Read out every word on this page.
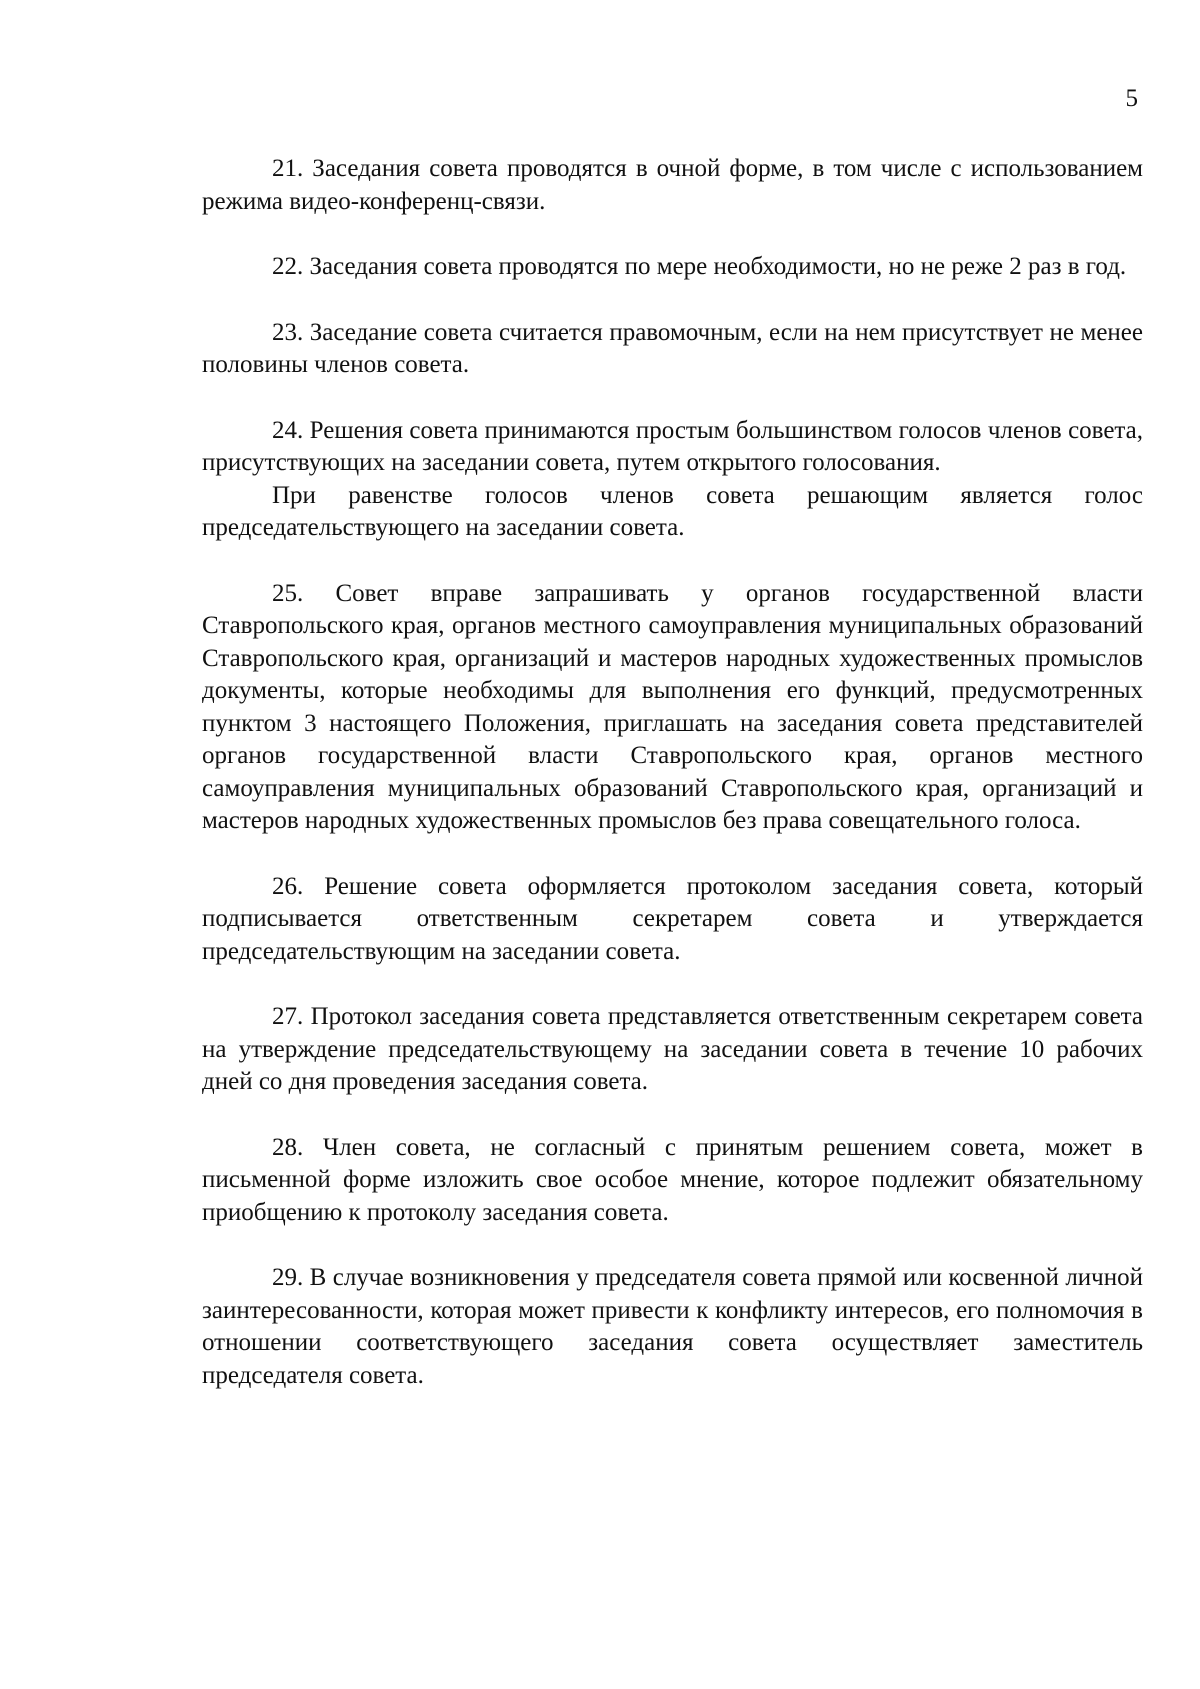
5

21. Заседания совета проводятся в очной форме, в том числе с использованием режима видео-конференц-связи.

22. Заседания совета проводятся по мере необходимости, но не реже 2 раз в год.

23. Заседание совета считается правомочным, если на нем присутствует не менее половины членов совета.

24. Решения совета принимаются простым большинством голосов членов совета, присутствующих на заседании совета, путем открытого голосования.

При равенстве голосов членов совета решающим является голос председательствующего на заседании совета.

25. Совет вправе запрашивать у органов государственной власти Ставропольского края, органов местного самоуправления муниципальных образований Ставропольского края, организаций и мастеров народных художественных промыслов документы, которые необходимы для выполнения его функций, предусмотренных пунктом 3 настоящего Положения, приглашать на заседания совета представителей органов государственной власти Ставропольского края, органов местного самоуправления муниципальных образований Ставропольского края, организаций и мастеров народных художественных промыслов без права совещательного голоса.

26. Решение совета оформляется протоколом заседания совета, который подписывается ответственным секретарем совета и утверждается председательствующим на заседании совета.

27. Протокол заседания совета представляется ответственным секретарем совета на утверждение председательствующему на заседании совета в течение 10 рабочих дней со дня проведения заседания совета.

28. Член совета, не согласный с принятым решением совета, может в письменной форме изложить свое особое мнение, которое подлежит обязательному приобщению к протоколу заседания совета.

29. В случае возникновения у председателя совета прямой или косвенной личной заинтересованности, которая может привести к конфликту интересов, его полномочия в отношении соответствующего заседания совета осуществляет заместитель председателя совета.
